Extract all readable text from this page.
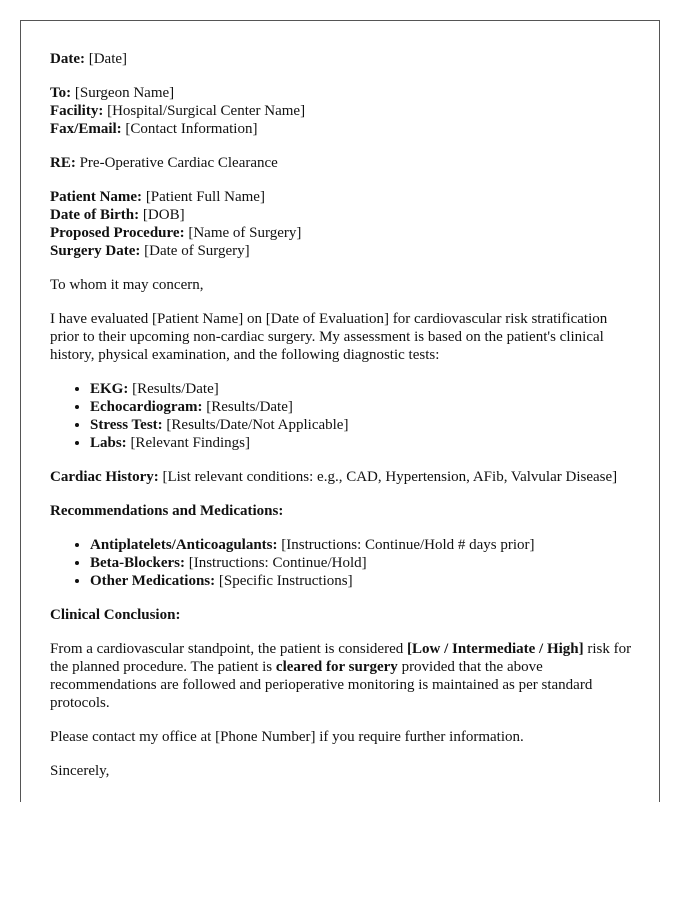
Date: [Date]

To: [Surgeon Name]
Facility: [Hospital/Surgical Center Name]
Fax/Email: [Contact Information]

RE: Pre-Operative Cardiac Clearance

Patient Name: [Patient Full Name]
Date of Birth: [DOB]
Proposed Procedure: [Name of Surgery]
Surgery Date: [Date of Surgery]

To whom it may concern,

I have evaluated [Patient Name] on [Date of Evaluation] for cardiovascular risk stratification prior to their upcoming non-cardiac surgery. My assessment is based on the patient's clinical history, physical examination, and the following diagnostic tests:

• EKG: [Results/Date]
• Echocardiogram: [Results/Date]
• Stress Test: [Results/Date/Not Applicable]
• Labs: [Relevant Findings]

Cardiac History: [List relevant conditions: e.g., CAD, Hypertension, AFib, Valvular Disease]

Recommendations and Medications:

• Antiplatelets/Anticoagulants: [Instructions: Continue/Hold # days prior]
• Beta-Blockers: [Instructions: Continue/Hold]
• Other Medications: [Specific Instructions]

Clinical Conclusion:

From a cardiovascular standpoint, the patient is considered [Low / Intermediate / High] risk for the planned procedure. The patient is cleared for surgery provided that the above recommendations are followed and perioperative monitoring is maintained as per standard protocols.

Please contact my office at [Phone Number] if you require further information.

Sincerely,
